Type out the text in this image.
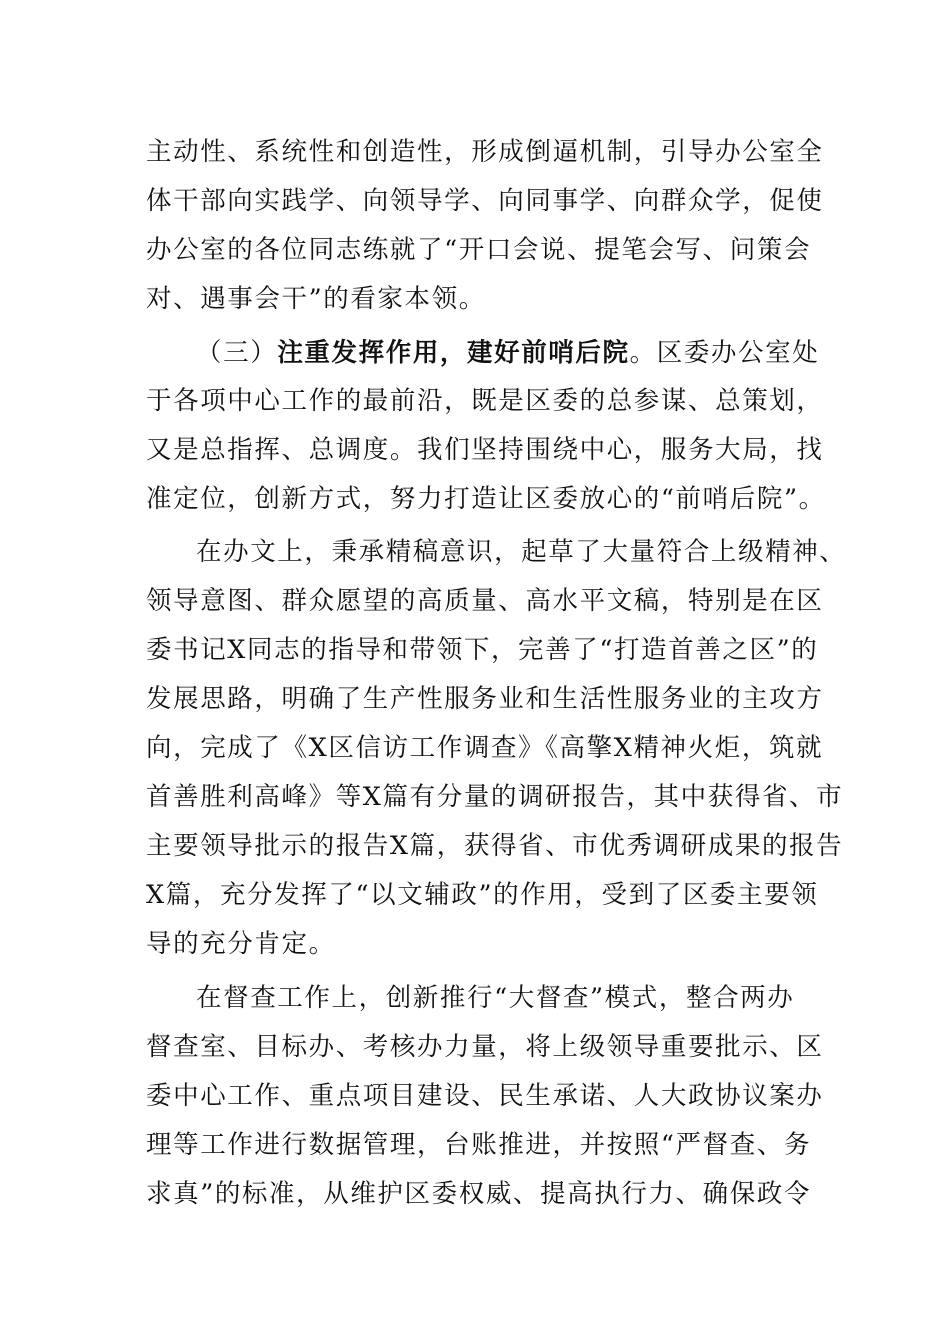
主动性、系统性和创造性，形成倒逼机制，引导办公室全
体干部向实践学、向领导学、向同事学、向群众学，促使
办公室的各位同志练就了“开口会说、提笔会写、问策会
对、遇事会干”的看家本领。
（三）注重发挥作用，建好前哨后院。区委办公室处
于各项中心工作的最前沿，既是区委的总参谋、总策划，
又是总指挥、总调度。我们坚持围绕中心，服务大局，找
准定位，创新方式，努力打造让区委放心的“前哨后院”。
在办文上，秉承精稿意识，起草了大量符合上级精神、
领导意图、群众愿望的高质量、高水平文稿，特别是在区
委书记X同志的指导和带领下，完善了“打造首善之区”的
发展思路，明确了生产性服务业和生活性服务业的主攻方
向，完成了《X区信访工作调查》《高擎X精神火炬，筑就
首善胜利高峰》等X篇有分量的调研报告，其中获得省、市
主要领导批示的报告X篇，获得省、市优秀调研成果的报告
X篇，充分发挥了“以文辅政”的作用，受到了区委主要领
导的充分肯定。
在督查工作上，创新推行“大督查”模式，整合两办
督查室、目标办、考核办力量，将上级领导重要批示、区
委中心工作、重点项目建设、民生承诺、人大政协议案办
理等工作进行数据管理，台账推进，并按照“严督查、务
求真”的标准，从维护区委权威、提高执行力、确保政令
